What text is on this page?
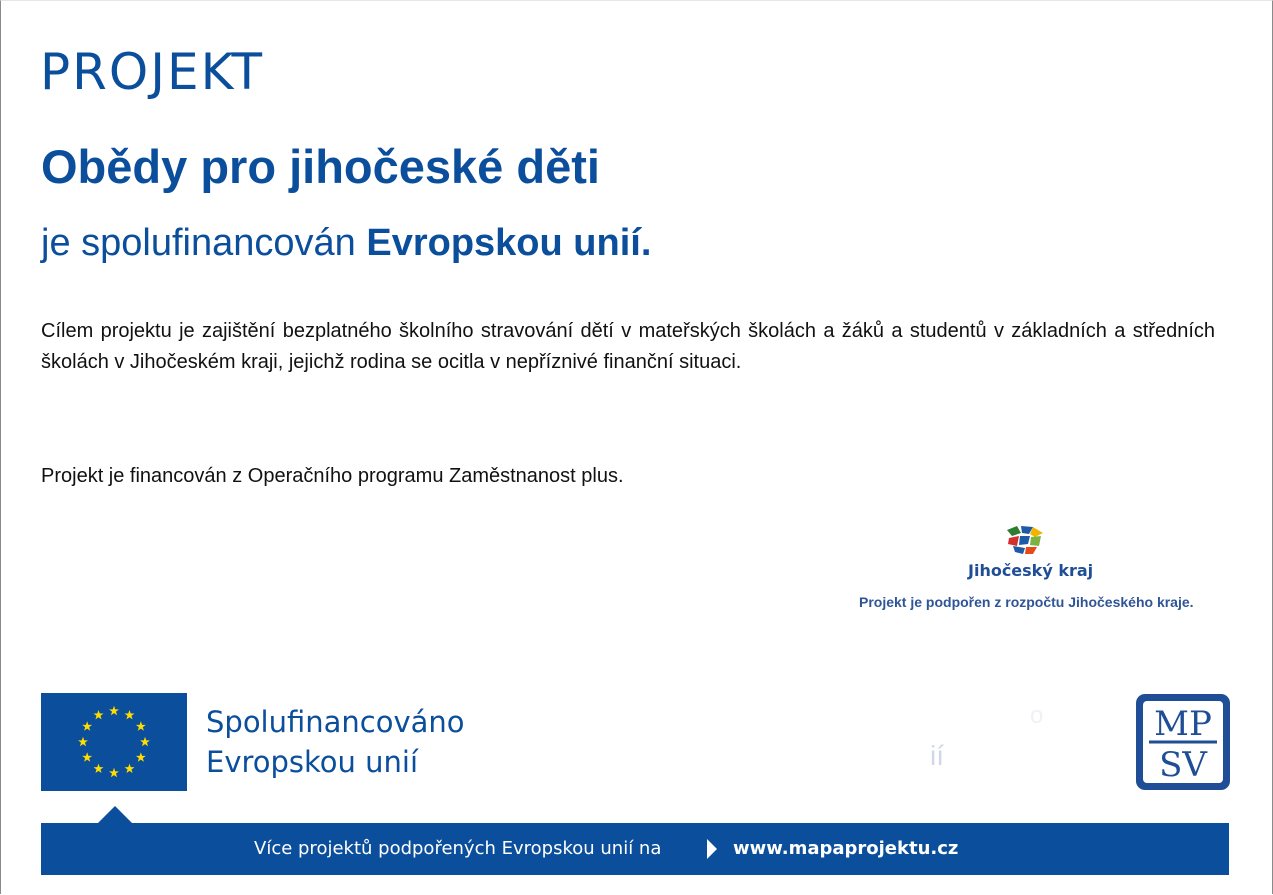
PROJEKT
Obědy pro jihočeské děti
je spolufinancován Evropskou unií.
Cílem projektu je zajištění bezplatného školního stravování dětí v mateřských školách a žáků a studentů v základních a středních školách v Jihočeském kraji, jejichž rodina se ocitla v nepříznivé finanční situaci.
Projekt je financován z Operačního programu Zaměstnanost plus.
Jihočeský kraj
Projekt je podpořen z rozpočtu Jihočeského kraje.
Spolufinancováno
Evropskou unií
o
ií
MP
SV
Více projektů podpořených Evropskou unií na	www.mapaprojektu.cz
